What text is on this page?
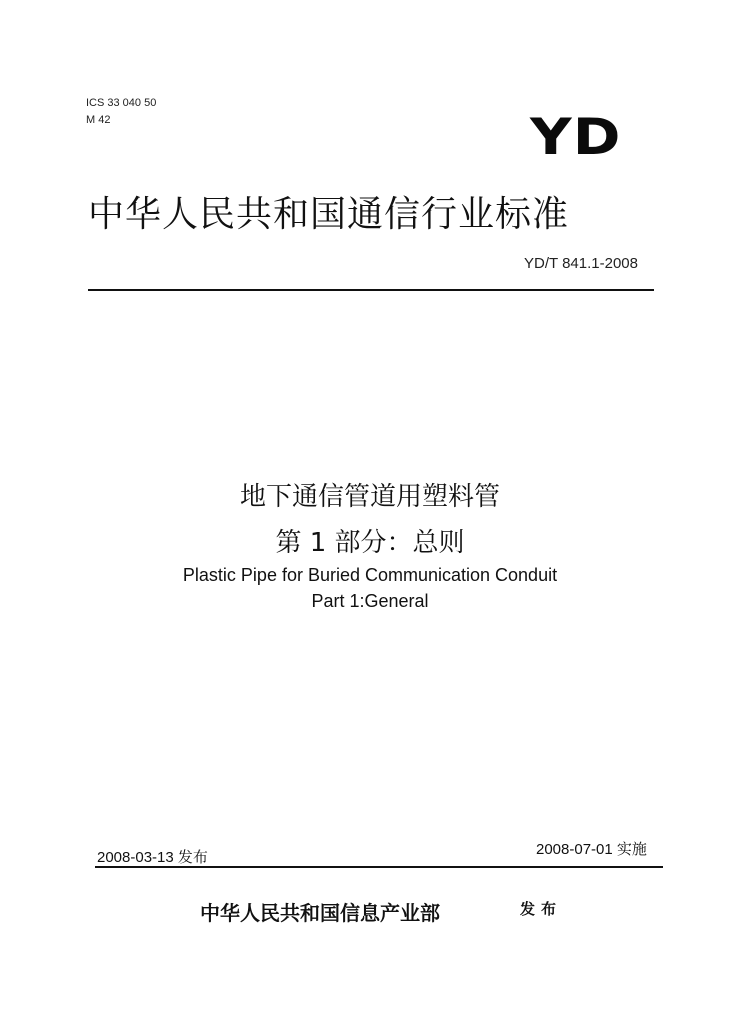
ICS 33 040 50
M 42	YD
中华人民共和国通信行业标准
YD/T 841.1-2008
地下通信管道用塑料管
第 1 部分：总则
Plastic Pipe for Buried Communication Conduit
Part 1:General
2008-03-13 发布	2008-07-01 实施
中华人民共和国信息产业部	发布
